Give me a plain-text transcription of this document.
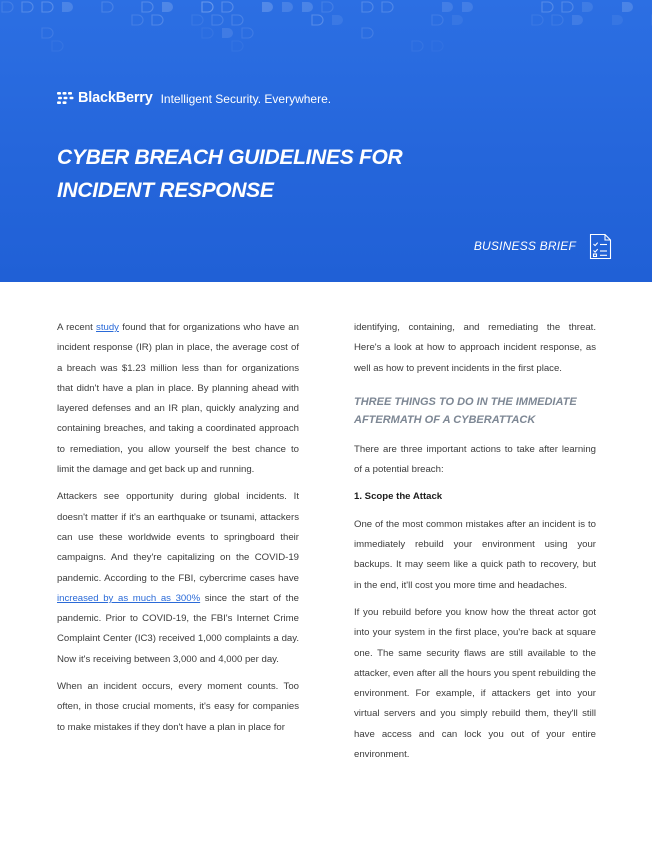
BlackBerry Intelligent Security. Everywhere.
CYBER BREACH GUIDELINES FOR
INCIDENT RESPONSE
BUSINESS BRIEF

A recent study found that for organizations who have an incident response (IR) plan in place, the average cost of a breach was $1.23 million less than for organizations that didn't have a plan in place. By planning ahead with layered defenses and an IR plan, quickly analyzing and containing breaches, and taking a coordinated approach to remediation, you allow yourself the best chance to limit the damage and get back up and running.

Attackers see opportunity during global incidents. It doesn't matter if it's an earthquake or tsunami, attackers can use these worldwide events to springboard their campaigns. And they're capitalizing on the COVID-19 pandemic. According to the FBI, cybercrime cases have increased by as much as 300% since the start of the pandemic. Prior to COVID-19, the FBI's Internet Crime Complaint Center (IC3) received 1,000 complaints a day. Now it's receiving between 3,000 and 4,000 per day.

When an incident occurs, every moment counts. Too often, in those crucial moments, it's easy for companies to make mistakes if they don't have a plan in place for

identifying, containing, and remediating the threat. Here's a look at how to approach incident response, as well as how to prevent incidents in the first place.

THREE THINGS TO DO IN THE IMMEDIATE AFTERMATH OF A CYBERATTACK

There are three important actions to take after learning of a potential breach:

1. Scope the Attack

One of the most common mistakes after an incident is to immediately rebuild your environment using your backups. It may seem like a quick path to recovery, but in the end, it'll cost you more time and headaches.

If you rebuild before you know how the threat actor got into your system in the first place, you're back at square one. The same security flaws are still available to the attacker, even after all the hours you spent rebuilding the environment. For example, if attackers get into your virtual servers and you simply rebuild them, they'll still have access and can lock you out of your entire environment.
